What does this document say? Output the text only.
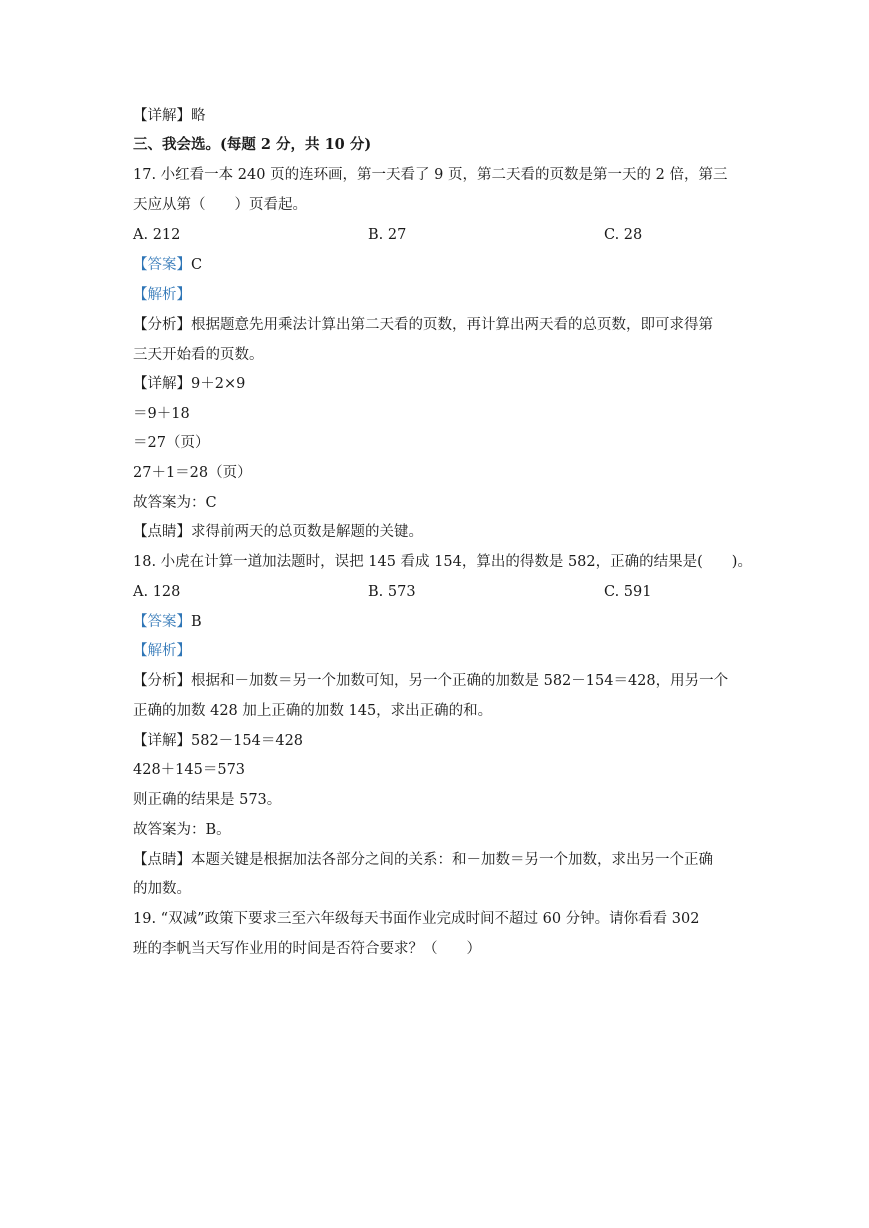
【详解】略
三、我会选。(每题 2 分，共 10 分)
17. 小红看一本 240 页的连环画，第一天看了 9 页，第二天看的页数是第一天的 2 倍，第三
天应从第（　　）页看起。
A. 212	B. 27	C. 28
【答案】C
【解析】
【分析】根据题意先用乘法计算出第二天看的页数，再计算出两天看的总页数，即可求得第
三天开始看的页数。
【详解】9＋2×9
＝9＋18
＝27（页）
27＋1＝28（页）
故答案为：C
【点睛】求得前两天的总页数是解题的关键。
18. 小虎在计算一道加法题时，误把 145 看成 154，算出的得数是 582，正确的结果是(　　)。
A. 128	B. 573	C. 591
【答案】B
【解析】
【分析】根据和－加数＝另一个加数可知，另一个正确的加数是 582－154＝428，用另一个
正确的加数 428 加上正确的加数 145，求出正确的和。
【详解】582－154＝428
428＋145＝573
则正确的结果是 573。
故答案为：B。
【点睛】本题关键是根据加法各部分之间的关系：和－加数＝另一个加数，求出另一个正确
的加数。
19. “双减”政策下要求三至六年级每天书面作业完成时间不超过 60 分钟。请你看看 302
班的李帆当天写作业用的时间是否符合要求？（　　）
